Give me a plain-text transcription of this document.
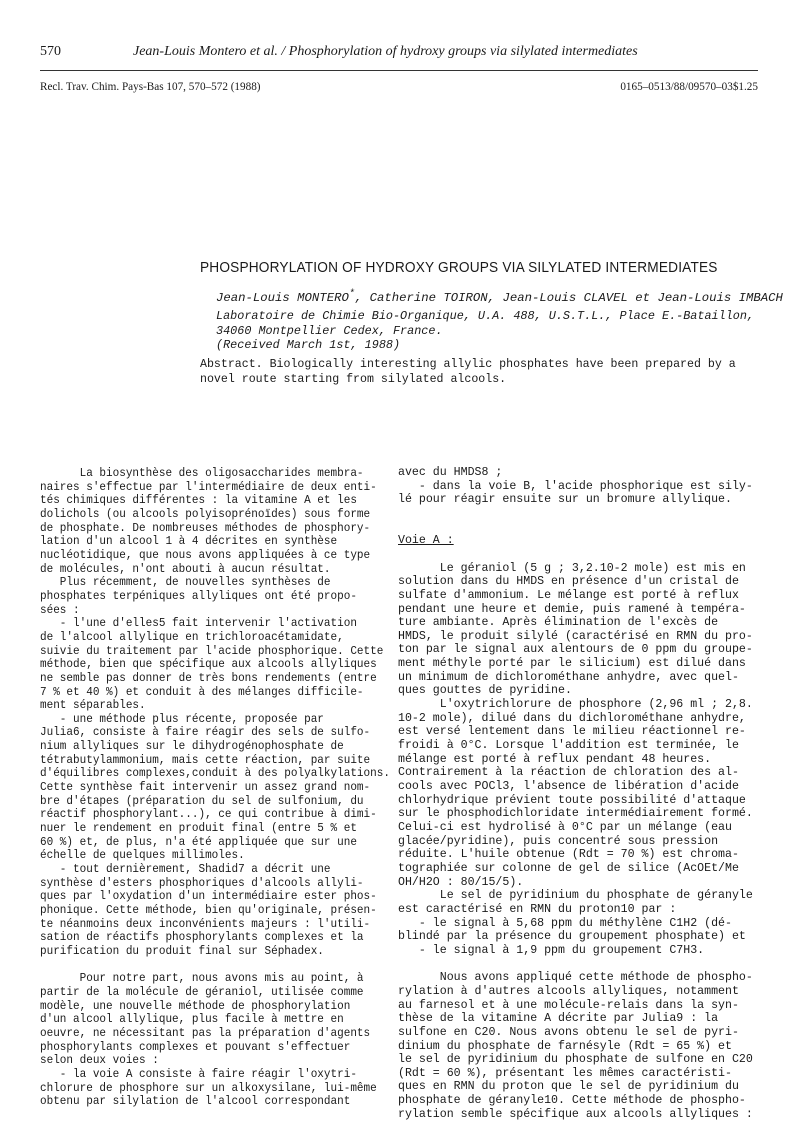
570	Jean-Louis Montero et al. / Phosphorylation of hydroxy groups via silylated intermediates
Recl. Trav. Chim. Pays-Bas 107, 570–572 (1988)	0165–0513/88/09570–03$1.25
PHOSPHORYLATION OF HYDROXY GROUPS VIA SILYLATED INTERMEDIATES
Jean-Louis MONTERO*, Catherine TOIRON, Jean-Louis CLAVEL et Jean-Louis IMBACH
Laboratoire de Chimie Bio-Organique, U.A. 488, U.S.T.L., Place E.-Bataillon,
34060 Montpellier Cedex, France.
(Received March 1st, 1988)
Abstract. Biologically interesting allylic phosphates have been prepared by a novel route starting from silylated alcools.

La biosynthèse des oligosaccharides membra-

naires s'effectue par l'intermédiaire de deux enti-

tés chimiques différentes : la vitamine A et les

dolichols (ou alcools polyisoprénoïdes) sous forme

de phosphate. De nombreuses méthodes de phosphory-

lation d'un alcool 1 à 4 décrites en synthèse

nucléotidique, que nous avons appliquées à ce type

de molécules, n'ont abouti à aucun résultat.

Plus récemment, de nouvelles synthèses de

phosphates terpéniques allyliques ont été propo-

sées :

- l'une d'elles5 fait intervenir l'activation

de l'alcool allylique en trichloroacétamidate,

suivie du traitement par l'acide phosphorique. Cette

méthode, bien que spécifique aux alcools allyliques

ne semble pas donner de très bons rendements (entre

7 % et 40 %) et conduit à des mélanges difficile-

ment séparables.

- une méthode plus récente, proposée par

Julia6, consiste à faire réagir des sels de sulfo-

nium allyliques sur le dihydrogénophosphate de

tétrabutylammonium, mais cette réaction, par suite

d'équilibres complexes,conduit à des polyalkylations.

Cette synthèse fait intervenir un assez grand nom-

bre d'étapes (préparation du sel de sulfonium, du

réactif phosphorylant...), ce qui contribue à dimi-

nuer le rendement en produit final (entre 5 % et

60 %) et, de plus, n'a été appliquée que sur une

échelle de quelques millimoles.

- tout dernièrement, Shadid7 a décrit une

synthèse d'esters phosphoriques d'alcools allyli-

ques par l'oxydation d'un intermédiaire ester phos-

phonique. Cette méthode, bien qu'originale, présen-

te néanmoins deux inconvénients majeurs : l'utili-

sation de réactifs phosphorylants complexes et la

purification du produit final sur Séphadex.

Pour notre part, nous avons mis au point, à

partir de la molécule de géraniol, utilisée comme

modèle, une nouvelle méthode de phosphorylation

d'un alcool allylique, plus facile à mettre en

oeuvre, ne nécessitant pas la préparation d'agents

phosphorylants complexes et pouvant s'effectuer

selon deux voies :

- la voie A consiste à faire réagir l'oxytri-

chlorure de phosphore sur un alkoxysilane, lui-même

obtenu par silylation de l'alcool correspondant

avec du HMDS8 ;

- dans la voie B, l'acide phosphorique est sily-

lé pour réagir ensuite sur un bromure allylique.

Voie A :

Le géraniol (5 g ; 3,2.10-2 mole) est mis en

solution dans du HMDS en présence d'un cristal de

sulfate d'ammonium. Le mélange est porté à reflux

pendant une heure et demie, puis ramené à tempéra-

ture ambiante. Après élimination de l'excès de

HMDS, le produit silylé (caractérisé en RMN du pro-

ton par le signal aux alentours de 0 ppm du groupe-

ment méthyle porté par le silicium) est dilué dans

un minimum de dichlorométhane anhydre, avec quel-

ques gouttes de pyridine.

L'oxytrichlorure de phosphore (2,96 ml ; 2,8.

10-2 mole), dilué dans du dichlorométhane anhydre,

est versé lentement dans le milieu réactionnel re-

froidi à 0°C. Lorsque l'addition est terminée, le

mélange est porté à reflux pendant 48 heures.

Contrairement à la réaction de chloration des al-

cools avec POCl3, l'absence de libération d'acide

chlorhydrique prévient toute possibilité d'attaque

sur le phosphodichloridate intermédiairement formé.

Celui-ci est hydrolisé à 0°C par un mélange (eau

glacée/pyridine), puis concentré sous pression

réduite. L'huile obtenue (Rdt = 70 %) est chroma-

tographiée sur colonne de gel de silice (AcOEt/Me

OH/H2O : 80/15/5).

Le sel de pyridinium du phosphate de géranyle

est caractérisé en RMN du proton10 par :

- le signal à 5,68 ppm du méthylène C1H2 (dé-

blindé par la présence du groupement phosphate) et

- le signal à 1,9 ppm du groupement C7H3.

Nous avons appliqué cette méthode de phospho-

rylation à d'autres alcools allyliques, notamment

au farnesol et à une molécule-relais dans la syn-

thèse de la vitamine A décrite par Julia9 : la

sulfone en C20. Nous avons obtenu le sel de pyri-

dinium du phosphate de farnésyle (Rdt = 65 %) et

le sel de pyridinium du phosphate de sulfone en C20

(Rdt = 60 %), présentant les mêmes caractéristi-

ques en RMN du proton que le sel de pyridinium du

phosphate de géranyle10. Cette méthode de phospho-

rylation semble spécifique aux alcools allyliques :
